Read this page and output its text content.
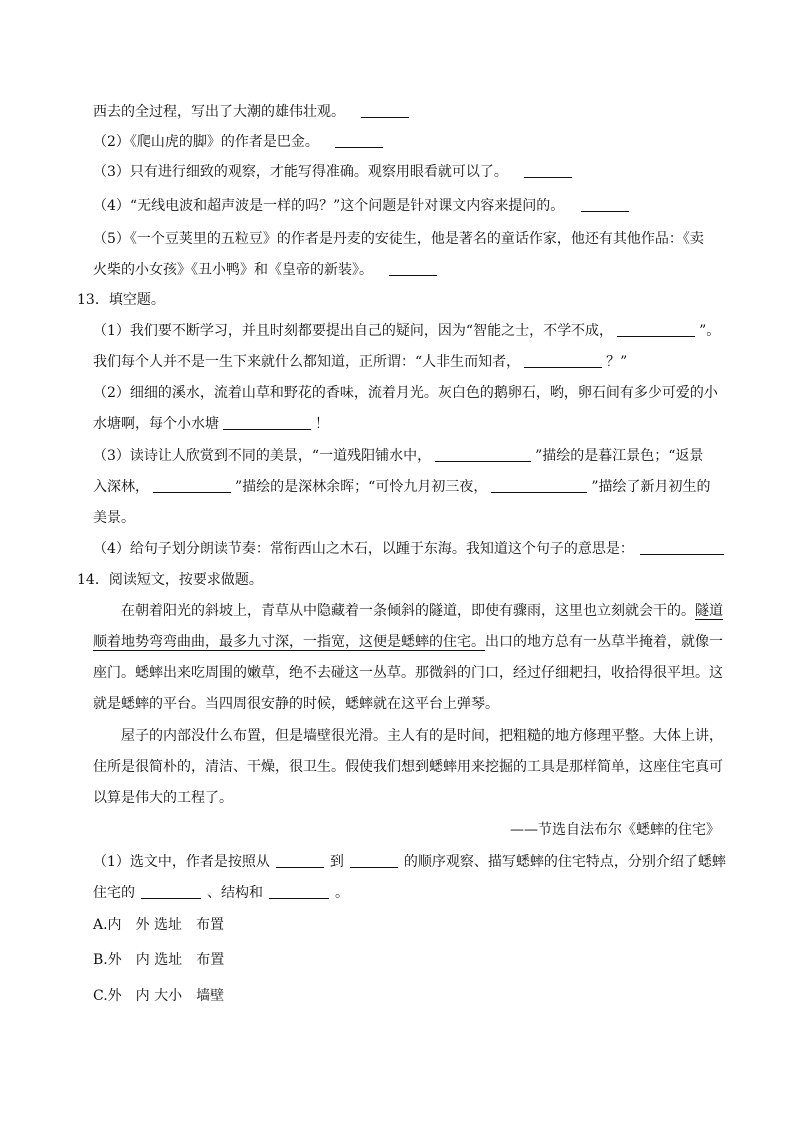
西去的全过程，写出了大潮的雄伟壮观。
（2）《爬山虎的脚》的作者是巴金。
（3）只有进行细致的观察，才能写得准确。观察用眼看就可以了。
（4）“无线电波和超声波是一样的吗？”这个问题是针对课文内容来提问的。
（5）《一个豆荚里的五粒豆》的作者是丹麦的安徒生，他是著名的童话作家，他还有其他作品：《卖
火柴的小女孩》《丑小鸭》和《皇帝的新装》。
13．填空题。
（1）我们要不断学习，并且时刻都要提出自己的疑问，因为“智能之士，不学不成，	”。
我们每个人并不是一生下来就什么都知道，正所谓：“人非生而知者，	？”
（2）细细的溪水，流着山草和野花的香味，流着月光。灰白色的鹅卵石，哟，卵石间有多少可爱的小
水塘啊，每个小水塘	！
（3）读诗让人欣赏到不同的美景，“一道残阳铺水中，	”描绘的是暮江景色；“返景
入深林，	”描绘的是深林余晖；“可怜九月初三夜，	”描绘了新月初生的
美景。
（4）给句子划分朗读节奏：常衔西山之木石，以踵于东海。我知道这个句子的意思是：
14．阅读短文，按要求做题。
在朝着阳光的斜坡上，青草从中隐藏着一条倾斜的隧道，即使有骤雨，这里也立刻就会干的。隧道
顺着地势弯弯曲曲，最多九寸深，一指宽，这便是蟋蟀的住宅。出口的地方总有一丛草半掩着，就像一
座门。蟋蟀出来吃周围的嫩草，绝不去碰这一丛草。那微斜的门口，经过仔细耙扫，收拾得很平坦。这
就是蟋蟀的平台。当四周很安静的时候，蟋蟀就在这平台上弹琴。
屋子的内部没什么布置，但是墙壁很光滑。主人有的是时间，把粗糙的地方修理平整。大体上讲，
住所是很简朴的，清洁、干燥，很卫生。假使我们想到蟋蟀用来挖掘的工具是那样简单，这座住宅真可
以算是伟大的工程了。
——节选自法布尔《蟋蟀的住宅》
（1）选文中，作者是按照从	到	的顺序观察、描写蟋蟀的住宅特点，分别介绍了蟋蟀
住宅的	、结构和	。
A.内　外 选址　布置
B.外　内 选址　布置
C.外　内 大小　墙壁
